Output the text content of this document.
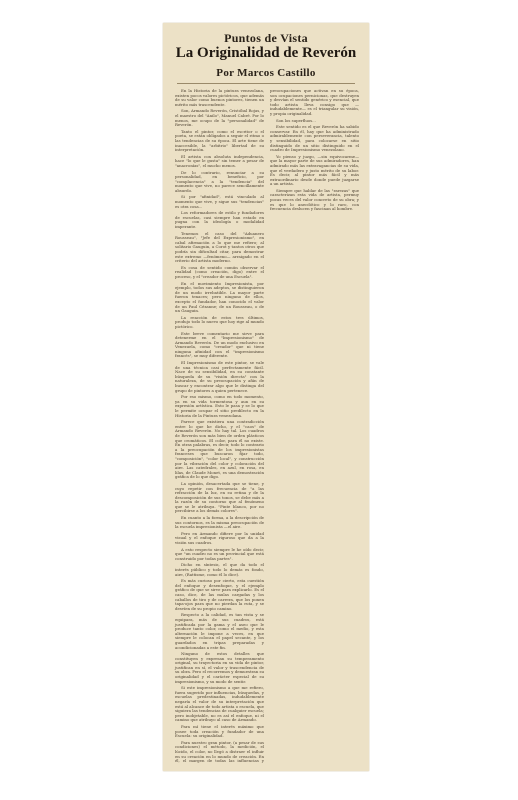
Puntos de Vista
La Originalidad de Reverón
Por Marcos Castillo

En la Historia de la pintura venezolana, existen pocos valores pictóricos, que además de su valor como buenos pintores, tienen un mérito más trascendente.

Son, Armando Reverón, Cristóbal Rojas, y el maestro del "Anilo", Manuel Cabré. Por lo menos, me ocupo de la "personalidad" de Reverón.

Tanto el pintor, como el escritor o el poeta, se están obligados a seguir el ritmo o las tendencias de su época. El arte tiene de inaccesible, la "arbitrio" libertad de su interpretación.

El artista con absoluta independencia, hace "lo que le gusta" sin temer a pesar de "anacronías", el mucho menos.

De lo contrario, renunciar a su personalidad, en beneficio, por "complacencia" a la "tendencia" del momento que vive, no parece sencillamente absurdo.

Si por "afinidad", está vinculado al momento que vive, y sigue sus "tendencias" es otra cosa...

Los reformadores de estilo y fundadores de escuelas, casi siempre han estado en pugna con la ideología o modalidad imperante.

Tenemos el caso del "Aduanero Rousseau", "Jefe del Expresionismo", en cabal afirmación a lo que me refiero; al solitario Gauguin, a Corot y tantos otros que podría sin dificultad citar, para demostrar este extremo —fenómeno— arraigado en el criterio del artista moderno.

Es cosa de sentido común observar el realidad (como creación, digo) entre el proceso, y el "creador de una Escuela".

En el movimiento Impresionista, por ejemplo, todos sus adeptos, se distinguieron de un modo irrebatible. La mayor parte fueron tenaces; pero ninguno de ellos, excepto el fundador, han conocido el valor de un Paul Cézanne; de un Rousseau, o de un Gauguin.

La reacción de estos tres últimos, produjo todo lo nuevo que hoy rige al mundo pictórico.

Este breve comentario me sirve para detenerme en el "Impresionismo" de Armando Reverón. De un modo exclusivo en Venezuela, como "creador" que ni tiene ninguna afinidad con el "impresionismo francés", se muy diferente.

El Impresionismo de este pintor, se vale de una técnica casi perfectamente fácil. Nace de su sensibilidad, en su constante búsqueda de su "visión directa" con la naturaleza, de su preocupación y afán de buscar y encontrar algo que le distinga del grupo de pintores a quien pertenece.

Por eso mismo, como en todo momento, ya en su vida tormentosa y aun en su expresión artística. Esto le pasa y se lo que le permite ocupar el sitio predilecto en la Historia de la Pintura venezolana.

Parece que existiera una contradicción entre lo que he dicho, y el "caos" de Armando Reverón. No hay tal. Los cuadros de Reverón son más bien de orden plásticos que cromáticos. El color, para él no existe. En otras palabras, es decir, todo lo contrario a la preocupación de los impresionistas franceses que buscaron fijar todo, "composición", "color local", y construcción por la vibración del color y coloración del aire. Las catedrales, en azul, en rosa, en lilas, de Claude Monet, es una demostración gráfica de lo que digo.

La opinión, desacertada que se tiene, y cuyo repetir con frecuencia de "a las refracción de la luz, en su retina y de la descomposición de sus tonos, se debe más a la razón de su contorno que al fenómeno que se le atribuya. "Pinte blanco, por no percibirse a los demás colores".

En cuanto a la forma, a la descripción de sus contornos, es la misma preocupación de la escuela impresionista —el aire.

Pero en Armando difiere por la unidad visual y el enfoque riguroso que da a la visión sus cuadros.

A esto respecto siempre le he oído decir, que "un cuadro no es un provincial que está construido por todas partes".

Dicho en síntesis, el que da todo el interés público y todo lo demás es fondo, aire, (Rattisme, como él lo dice).

Es más curioso por cierto, esta cuestión del enfoque y desenfoque, y el ejemplo gráfico de que se sirve para explicarlo. Es el caso, dice, de las mulas cargadas y los caballos de tiro y de carrera, que los ponen tapa-ojos para que no pierdan la ruta, y se desvíen de su propio camino.

Respecto a la calidad, es tan vista y se equipara, más de sus cuadros, está justificada por la gama y el aseo que le produce tanto color, como el medio, y esta alternación le impone a veces, en que siempre le colocan el papel secante, y los guardados en tripas preparadas y acondicionadas a este fin.

Ninguno de estos detalles que constituyen y expresan su temperamento original, su trayectoria en su vida de pintor, justifican en sí, el valor y trascendencia de su obra. Pero el recorremos y demuestran su originalidad y el carácter especial de su impresionismo, y su modo de sentir.

Si este impresionismo a que me refiero, fuera sugerido por influencias, búsquedas, y escuelas predestinadas, indudablemente negaría el valor de su interpretación que está al alcance de todo artista o escuela, que siguiera las tendencias de cualquier escuela; pero inobjetable, no es así el enfoque, ni el camino que atribuyo al caso de Armando.

Para mí tiene el interés máximo que posee toda creación y fundador de una Escuela: su originalidad.

Para nuestro gran pintor, (a pesar de sus condiciones) el método, la medición, el lúcido, el color, no llegó a distraer el influir en su creación en lo mundo de creación. En él, el margen de todas las influencias y preocupaciones que activan en su época, son ocupaciones pernicionas, que destruyen y desvían el sentido genérico y esencial, que todo artista lleva consigo que —indudablemente— es el triangular su visión, y propia originalidad.

Son los superfluos...

Este sentido es el que Reverón ha sabido conservar. En él, hay que ha administrado admirablemente con perseverancia, talento y sensibilidad, para colocarse en sitio distinguido de un sitio distinguido en el cuadro de Impresionismo venezolano.

Yo pienso y juzgo, —sin equivocarme— que la mayor parte de sus admiradores, han admirado más las extravagancias de su vida, que el verdadero y justo mérito de su labor. Es decir, al pintor más fácil y más extraordinario desde donde puede juzgarse a un artista.

Siempre que hablar de las "rarezas" que caracterizan esta vida de artista, permuy pocas veces del valor concreto de su obra; y es que lo anecdótico y lo raro, con frecuencia deslucen y fascinan al hombre.
